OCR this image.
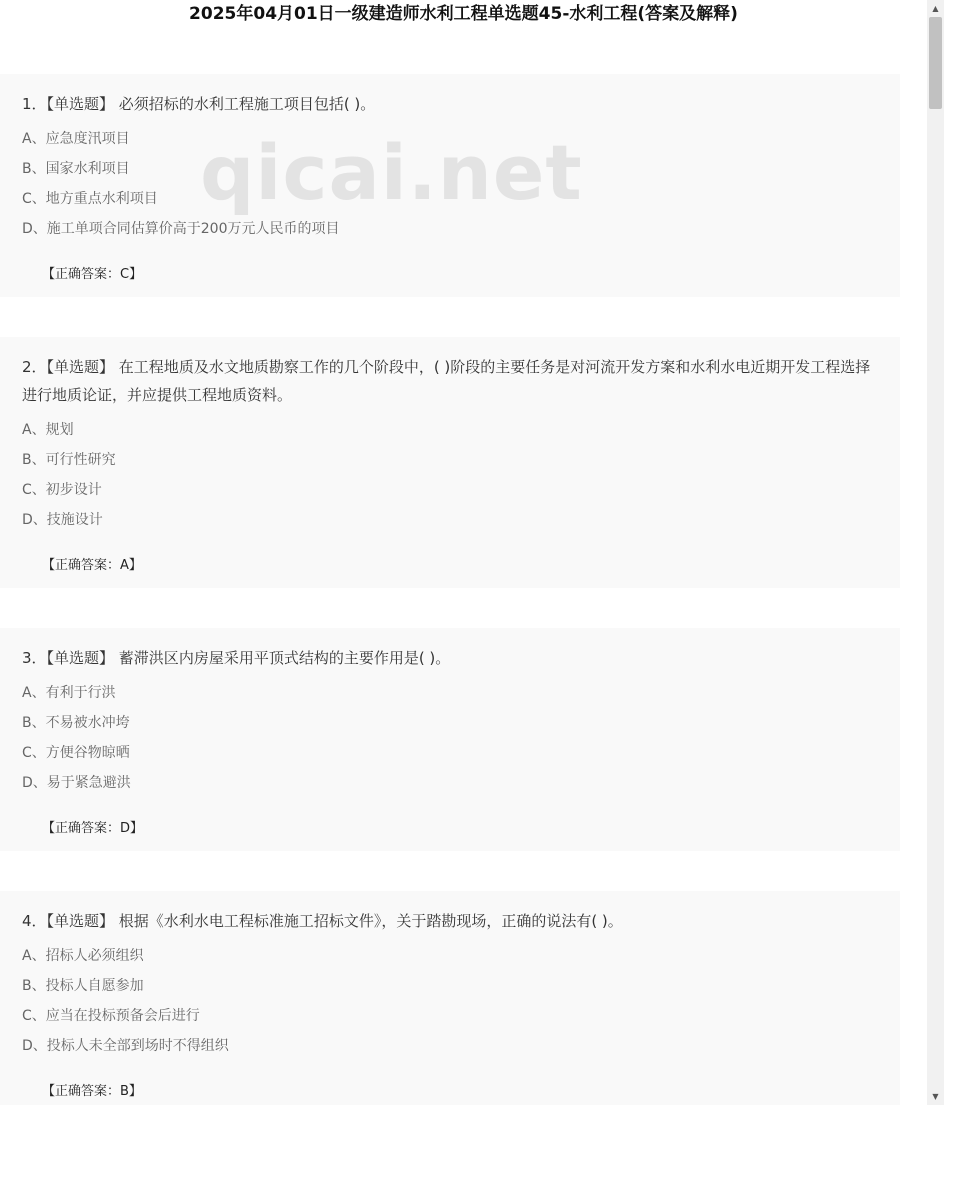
2025年04月01日一级建造师水利工程单选题45-水利工程(答案及解释)
1．【单选题】 必须招标的水利工程施工项目包括( )。
A、应急度汛项目
B、国家水利项目
C、地方重点水利项目
D、施工单项合同估算价高于200万元人民币的项目
【正确答案：C】
2．【单选题】 在工程地质及水文地质勘察工作的几个阶段中，( )阶段的主要任务是对河流开发方案和水利水电近期开发工程选择进行地质论证，并应提供工程地质资料。
A、规划
B、可行性研究
C、初步设计
D、技施设计
【正确答案：A】
3．【单选题】 蓄滞洪区内房屋采用平顶式结构的主要作用是( )。
A、有利于行洪
B、不易被水冲垮
C、方便谷物晾晒
D、易于紧急避洪
【正确答案：D】
4．【单选题】 根据《水利水电工程标准施工招标文件》，关于踏勘现场，正确的说法有( )。
A、招标人必须组织
B、投标人自愿参加
C、应当在投标预备会后进行
D、投标人未全部到场时不得组织
【正确答案：B】
qicai.net
▲
▼
